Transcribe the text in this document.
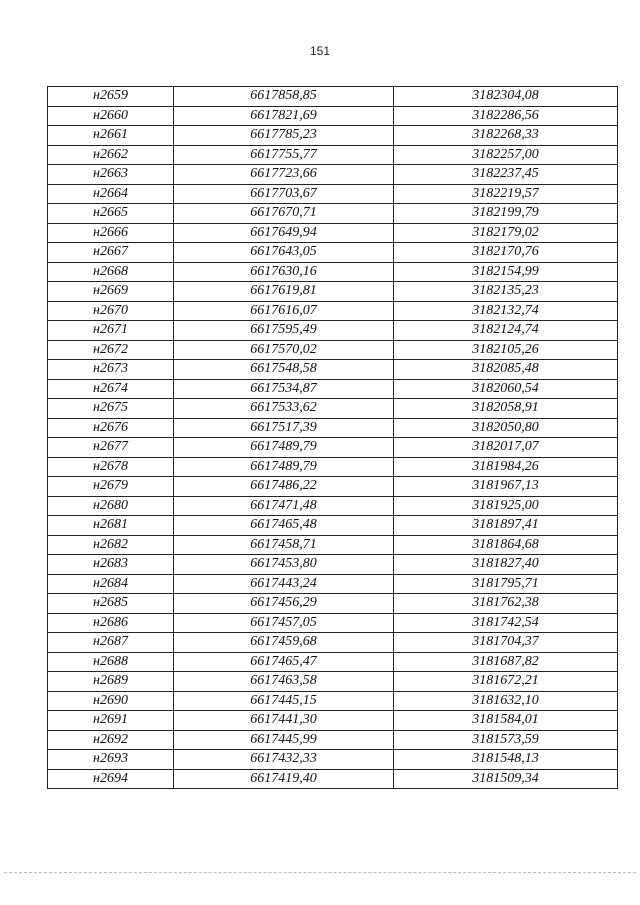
151
н2659	6617858,85	3182304,08
н2660	6617821,69	3182286,56
н2661	6617785,23	3182268,33
н2662	6617755,77	3182257,00
н2663	6617723,66	3182237,45
н2664	6617703,67	3182219,57
н2665	6617670,71	3182199,79
н2666	6617649,94	3182179,02
н2667	6617643,05	3182170,76
н2668	6617630,16	3182154,99
н2669	6617619,81	3182135,23
н2670	6617616,07	3182132,74
н2671	6617595,49	3182124,74
н2672	6617570,02	3182105,26
н2673	6617548,58	3182085,48
н2674	6617534,87	3182060,54
н2675	6617533,62	3182058,91
н2676	6617517,39	3182050,80
н2677	6617489,79	3182017,07
н2678	6617489,79	3181984,26
н2679	6617486,22	3181967,13
н2680	6617471,48	3181925,00
н2681	6617465,48	3181897,41
н2682	6617458,71	3181864,68
н2683	6617453,80	3181827,40
н2684	6617443,24	3181795,71
н2685	6617456,29	3181762,38
н2686	6617457,05	3181742,54
н2687	6617459,68	3181704,37
н2688	6617465,47	3181687,82
н2689	6617463,58	3181672,21
н2690	6617445,15	3181632,10
н2691	6617441,30	3181584,01
н2692	6617445,99	3181573,59
н2693	6617432,33	3181548,13
н2694	6617419,40	3181509,34
